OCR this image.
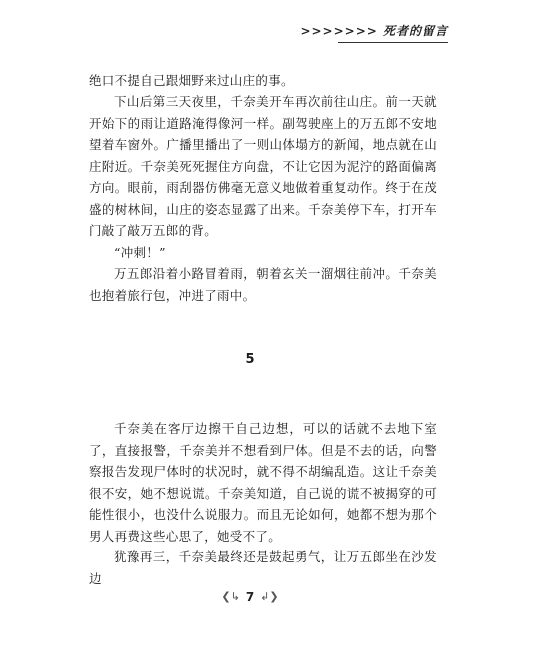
>>>>>>> 死者的留言

绝口不提自己跟畑野来过山庄的事。

下山后第三天夜里，千奈美开车再次前往山庄。前一天就开始下的雨让道路淹得像河一样。副驾驶座上的万五郎不安地望着车窗外。广播里播出了一则山体塌方的新闻，地点就在山庄附近。千奈美死死握住方向盘，不让它因为泥泞的路面偏离方向。眼前，雨刮器仿佛毫无意义地做着重复动作。终于在茂盛的树林间，山庄的姿态显露了出来。千奈美停下车，打开车门敲了敲万五郎的背。

“冲刺！”

万五郎沿着小路冒着雨，朝着玄关一溜烟往前冲。千奈美也抱着旅行包，冲进了雨中。

5

千奈美在客厅边擦干自己边想，可以的话就不去地下室了，直接报警，千奈美并不想看到尸体。但是不去的话，向警察报告发现尸体时的状况时，就不得不胡编乱造。这让千奈美很不安，她不想说谎。千奈美知道，自己说的谎不被揭穿的可能性很小，也没什么说服力。而且无论如何，她都不想为那个男人再费这些心思了，她受不了。

犹豫再三，千奈美最终还是鼓起勇气，让万五郎坐在沙发边

❮↳ 7 ↲❯
